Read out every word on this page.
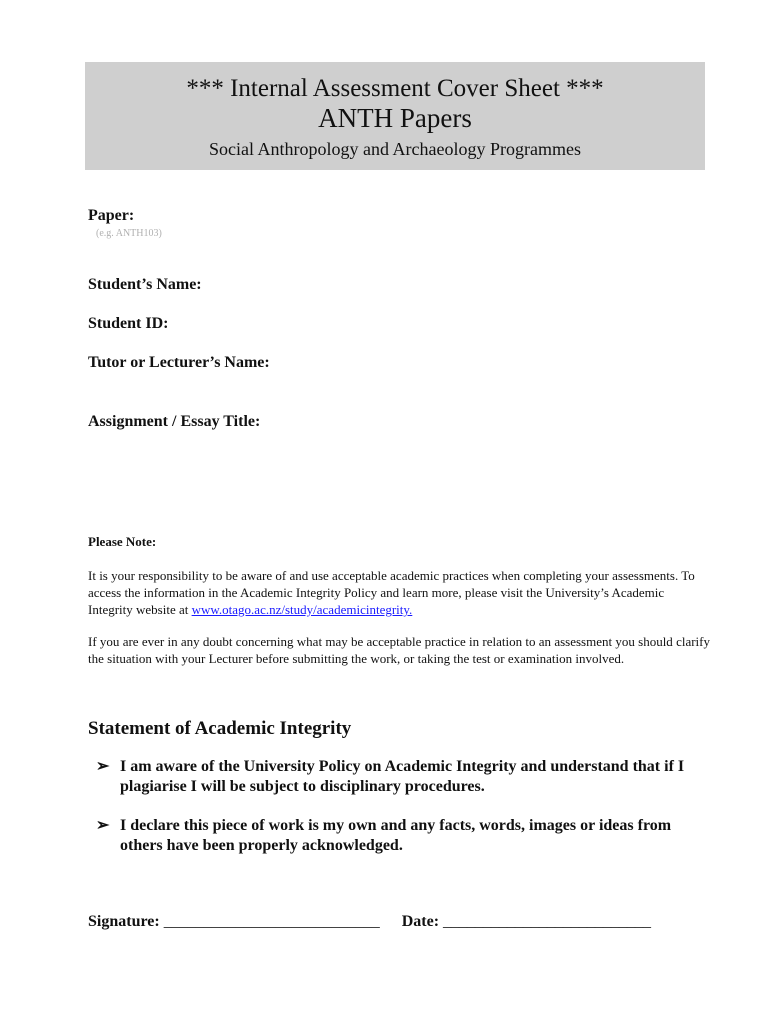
*** Internal Assessment Cover Sheet ***
ANTH Papers
Social Anthropology and Archaeology Programmes
Paper:
(e.g. ANTH103)
Student’s Name:
Student ID:
Tutor or Lecturer’s Name:
Assignment / Essay Title:
Please Note:
It is your responsibility to be aware of and use acceptable academic practices when completing your assessments. To access the information in the Academic Integrity Policy and learn more, please visit the University’s Academic Integrity website at www.otago.ac.nz/study/academicintegrity.
If you are ever in any doubt concerning what may be acceptable practice in relation to an assessment you should clarify the situation with your Lecturer before submitting the work, or taking the test or examination involved.
Statement of Academic Integrity
➢ I am aware of the University Policy on Academic Integrity and understand that if I plagiarise I will be subject to disciplinary procedures.
➢ I declare this piece of work is my own and any facts, words, images or ideas from others have been properly acknowledged.
Signature: ___________________________ Date: __________________________
